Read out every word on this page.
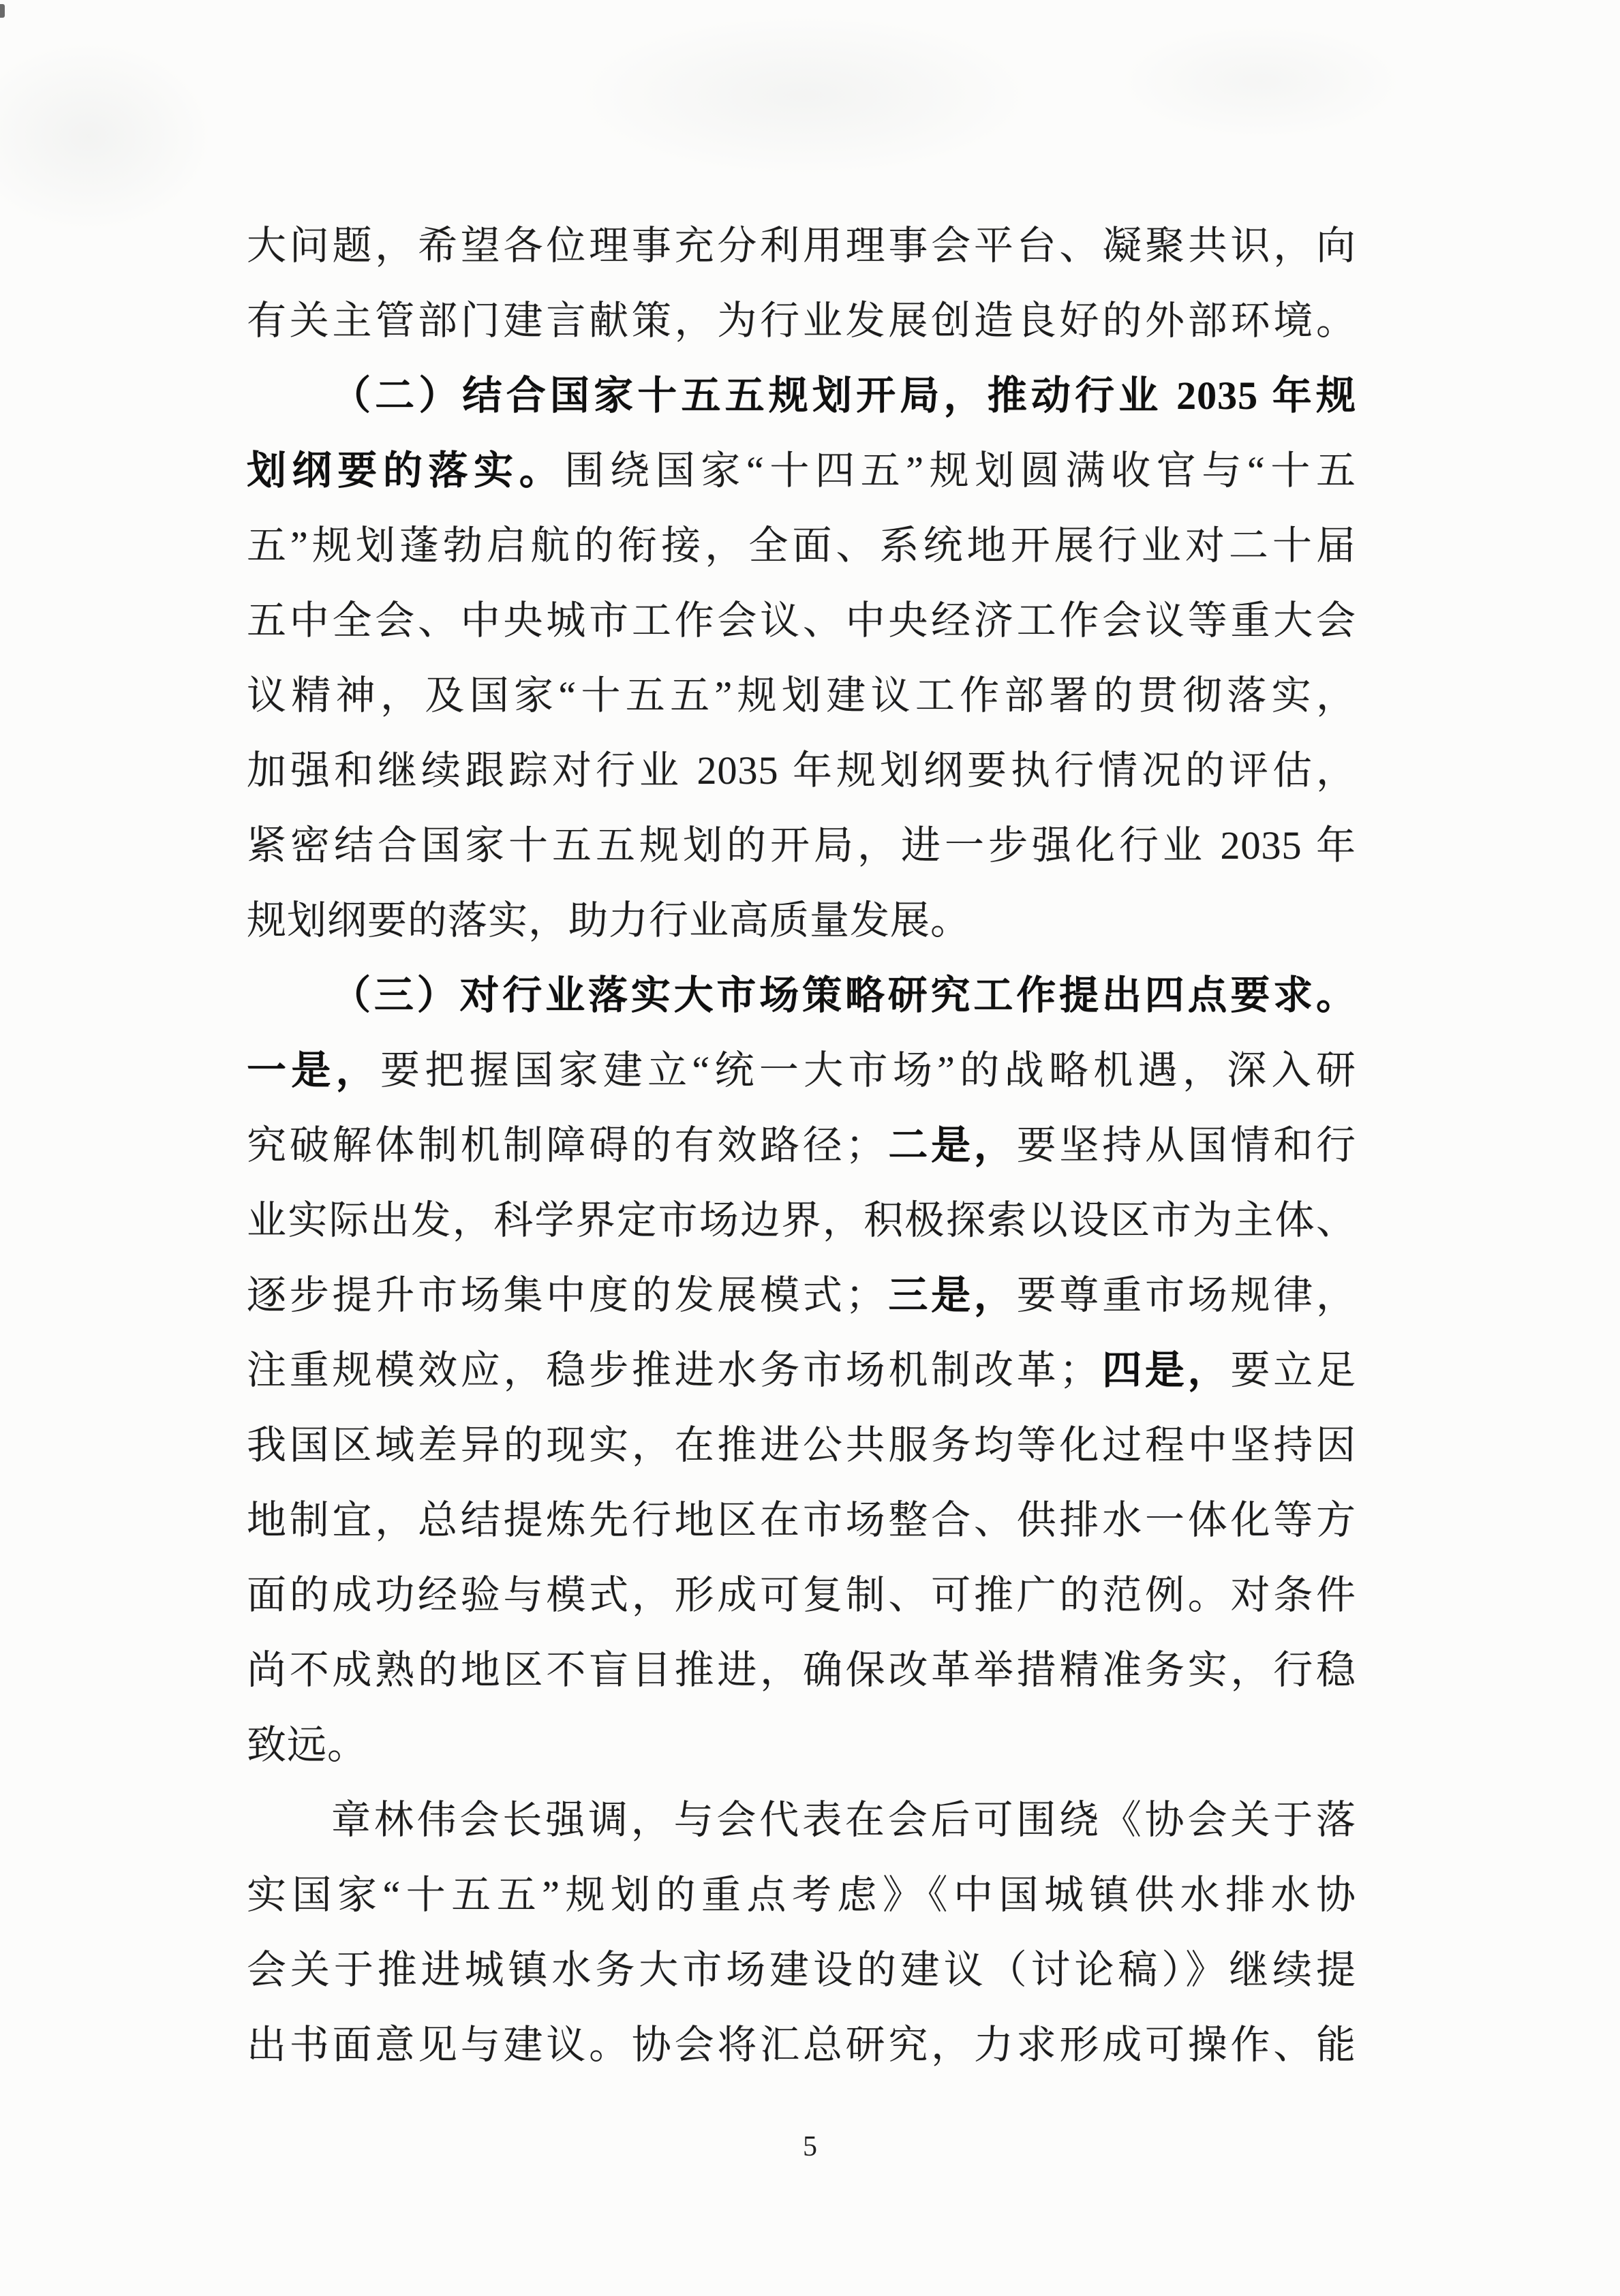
大问题，希望各位理事充分利用理事会平台、凝聚共识，向
有关主管部门建言献策，为行业发展创造良好的外部环境。
（二）结合国家十五五规划开局，推动行业 2035 年规
划纲要的落实。围绕国家“十四五”规划圆满收官与“十五
五”规划蓬勃启航的衔接，全面、系统地开展行业对二十届
五中全会、中央城市工作会议、中央经济工作会议等重大会
议精神，及国家“十五五”规划建议工作部署的贯彻落实，
加强和继续跟踪对行业 2035 年规划纲要执行情况的评估，
紧密结合国家十五五规划的开局，进一步强化行业 2035 年
规划纲要的落实，助力行业高质量发展。
（三）对行业落实大市场策略研究工作提出四点要求。
一是，要把握国家建立“统一大市场”的战略机遇，深入研
究破解体制机制障碍的有效路径；二是，要坚持从国情和行
业实际出发，科学界定市场边界，积极探索以设区市为主体、
逐步提升市场集中度的发展模式；三是，要尊重市场规律，
注重规模效应，稳步推进水务市场机制改革；四是，要立足
我国区域差异的现实，在推进公共服务均等化过程中坚持因
地制宜，总结提炼先行地区在市场整合、供排水一体化等方
面的成功经验与模式，形成可复制、可推广的范例。对条件
尚不成熟的地区不盲目推进，确保改革举措精准务实，行稳
致远。
章林伟会长强调，与会代表在会后可围绕《协会关于落
实国家“十五五”规划的重点考虑》《中国城镇供水排水协
会关于推进城镇水务大市场建设的建议（讨论稿）》继续提
出书面意见与建议。协会将汇总研究，力求形成可操作、能
5
